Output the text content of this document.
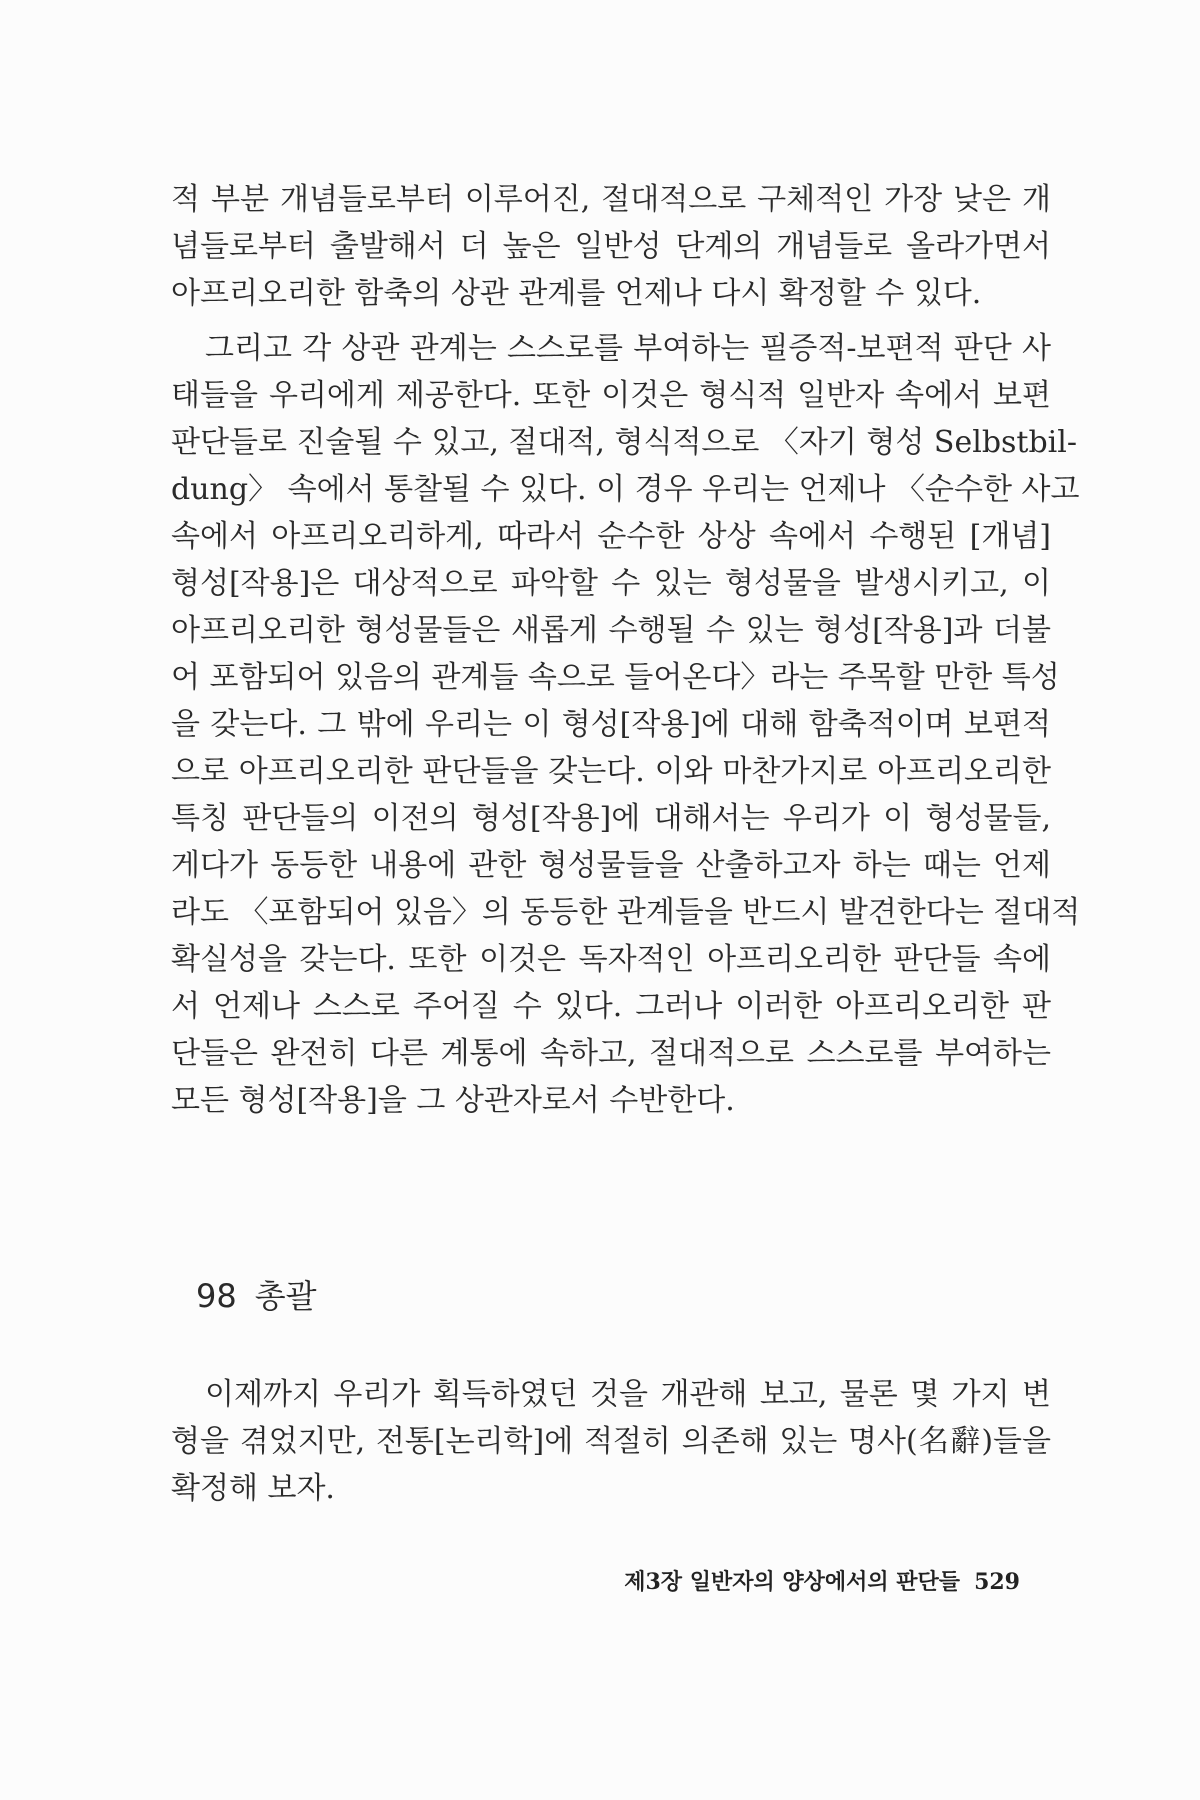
적 부분 개념들로부터 이루어진, 절대적으로 구체적인 가장 낮은 개
념들로부터 출발해서 더 높은 일반성 단계의 개념들로 올라가면서
아프리오리한 함축의 상관 관계를 언제나 다시 확정할 수 있다.
그리고 각 상관 관계는 스스로를 부여하는 필증적-보편적 판단 사
태들을 우리에게 제공한다. 또한 이것은 형식적 일반자 속에서 보편
판단들로 진술될 수 있고, 절대적, 형식적으로 〈자기 형성 Selbstbil-
dung〉 속에서 통찰될 수 있다. 이 경우 우리는 언제나 〈순수한 사고
속에서 아프리오리하게, 따라서 순수한 상상 속에서 수행된 [개념]
형성[작용]은 대상적으로 파악할 수 있는 형성물을 발생시키고, 이
아프리오리한 형성물들은 새롭게 수행될 수 있는 형성[작용]과 더불
어 포함되어 있음의 관계들 속으로 들어온다〉라는 주목할 만한 특성
을 갖는다. 그 밖에 우리는 이 형성[작용]에 대해 함축적이며 보편적
으로 아프리오리한 판단들을 갖는다. 이와 마찬가지로 아프리오리한
특칭 판단들의 이전의 형성[작용]에 대해서는 우리가 이 형성물들,
게다가 동등한 내용에 관한 형성물들을 산출하고자 하는 때는 언제
라도 〈포함되어 있음〉의 동등한 관계들을 반드시 발견한다는 절대적
확실성을 갖는다. 또한 이것은 독자적인 아프리오리한 판단들 속에
서 언제나 스스로 주어질 수 있다. 그러나 이러한 아프리오리한 판
단들은 완전히 다른 계통에 속하고, 절대적으로 스스로를 부여하는
모든 형성[작용]을 그 상관자로서 수반한다.
98 총괄
이제까지 우리가 획득하였던 것을 개관해 보고, 물론 몇 가지 변
형을 겪었지만, 전통[논리학]에 적절히 의존해 있는 명사(名辭)들을
확정해 보자.
제3장 일반자의 양상에서의 판단들 529
